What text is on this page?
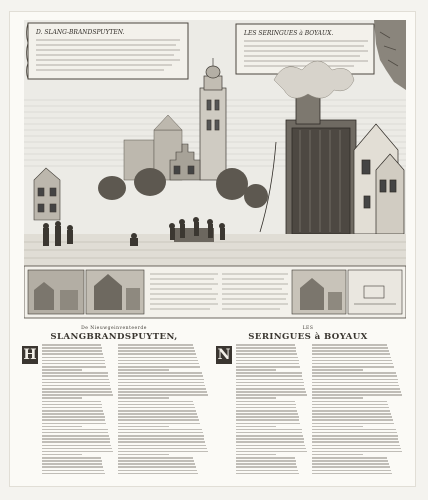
D. SLANG-BRANDSPUYTEN.	LES SERINGUES à BOYAUX.
De Nieuwgeinventeerde
SLANGBRANDSPUYTEN,
LES
SERINGUES à BOYAUX
H	N
